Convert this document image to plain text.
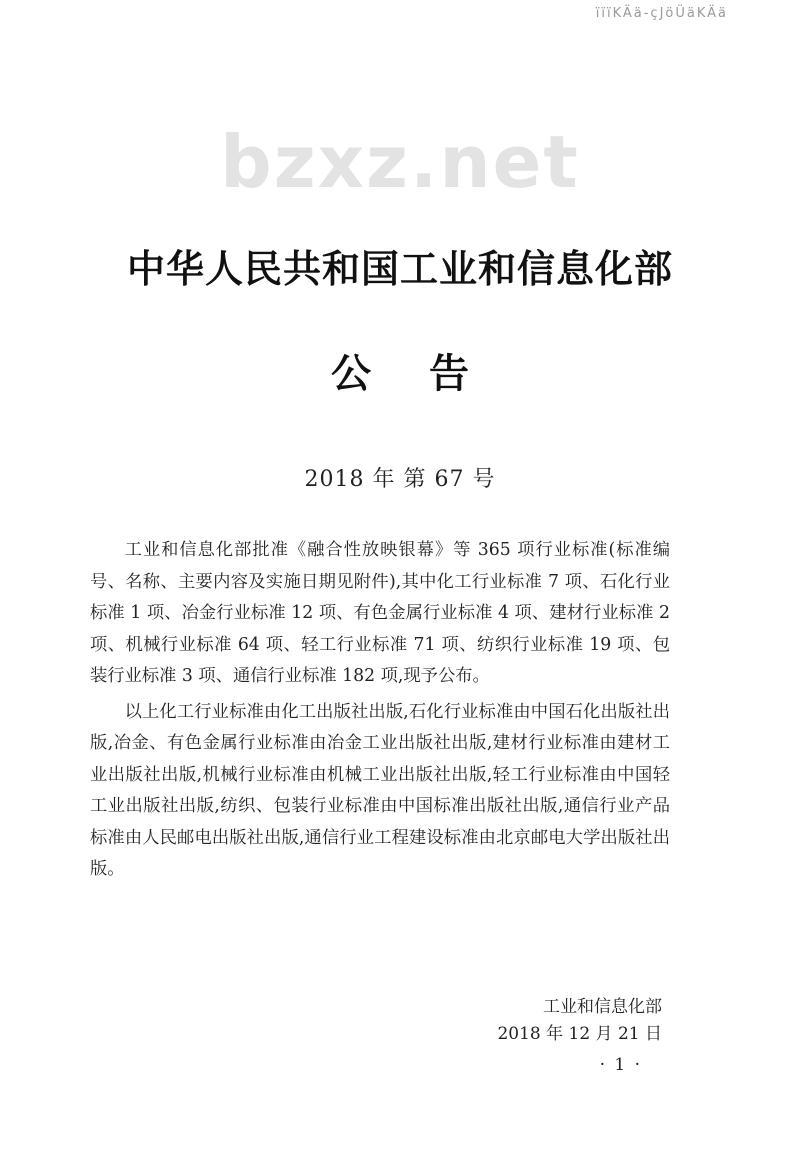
ïïïKÄä-çJöÜäKÄä
bzxz.net
中华人民共和国工业和信息化部
公告
2018 年 第 67 号

工业和信息化部批准《融合性放映银幕》等 365 项行业标准(标准编号、名称、主要内容及实施日期见附件),其中化工行业标准 7 项、石化行业标准 1 项、冶金行业标准 12 项、有色金属行业标准 4 项、建材行业标准 2 项、机械行业标准 64 项、轻工行业标准 71 项、纺织行业标准 19 项、包装行业标准 3 项、通信行业标准 182 项,现予公布。

以上化工行业标准由化工出版社出版,石化行业标准由中国石化出版社出版,冶金、有色金属行业标准由冶金工业出版社出版,建材行业标准由建材工业出版社出版,机械行业标准由机械工业出版社出版,轻工行业标准由中国轻工业出版社出版,纺织、包装行业标准由中国标准出版社出版,通信行业产品标准由人民邮电出版社出版,通信行业工程建设标准由北京邮电大学出版社出版。

工业和信息化部
2018 年 12 月 21 日
· 1 ·
